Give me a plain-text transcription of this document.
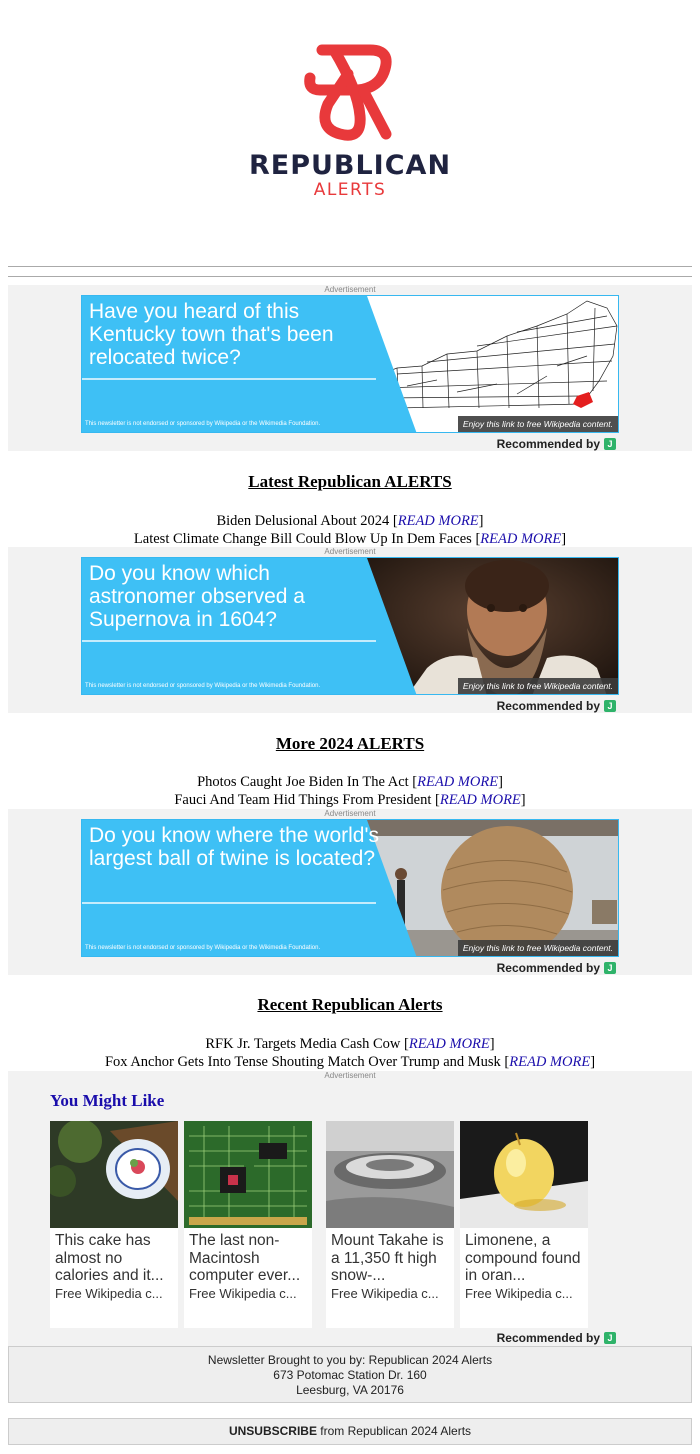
REPUBLICAN
ALERTS
Advertisement
Have you heard of this Kentucky town that's been relocated twice?
This newsletter is not endorsed or sponsored by Wikipedia or the Wikimedia Foundation.	Enjoy this link to free Wikipedia content.
Recommended by J
Latest Republican ALERTS
Biden Delusional About 2024 [READ MORE]
Latest Climate Change Bill Could Blow Up In Dem Faces [READ MORE]
Advertisement
Do you know which astronomer observed a Supernova in 1604?
This newsletter is not endorsed or sponsored by Wikipedia or the Wikimedia Foundation.	Enjoy this link to free Wikipedia content.
Recommended by J
More 2024 ALERTS
Photos Caught Joe Biden In The Act [READ MORE]
Fauci And Team Hid Things From President [READ MORE]
Advertisement
Do you know where the world's largest ball of twine is located?
This newsletter is not endorsed or sponsored by Wikipedia or the Wikimedia Foundation.	Enjoy this link to free Wikipedia content.
Recommended by J
Recent Republican Alerts
RFK Jr. Targets Media Cash Cow [READ MORE]
Fox Anchor Gets Into Tense Shouting Match Over Trump and Musk [READ MORE]
Advertisement
You Might Like
This cake has almost no calories and it...
Free Wikipedia c...
The last non-Macintosh computer ever...
Free Wikipedia c...
Mount Takahe is a 11,350 ft high snow-...
Free Wikipedia c...
Limonene, a compound found in oran...
Free Wikipedia c...
Recommended by J
Newsletter Brought to you by: Republican 2024 Alerts
673 Potomac Station Dr. 160
Leesburg, VA 20176
UNSUBSCRIBE from Republican 2024 Alerts
